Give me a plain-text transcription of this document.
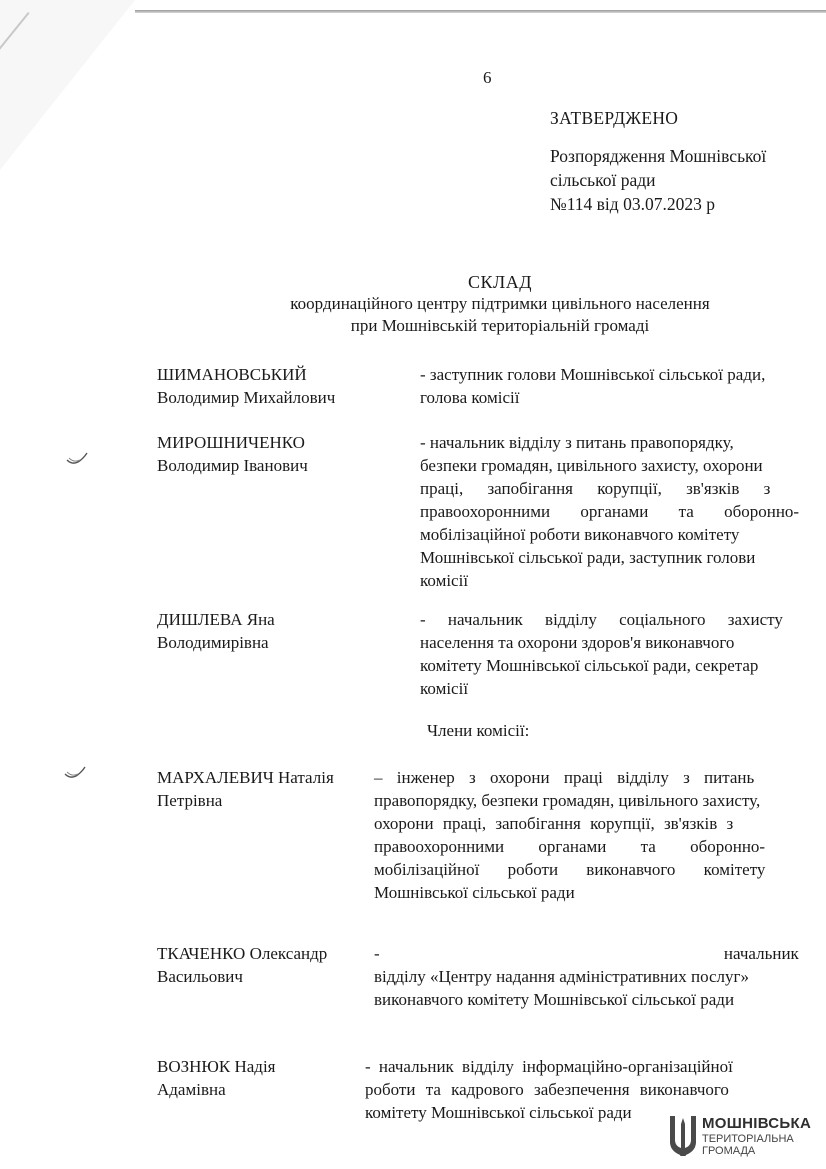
6
ЗАТВЕРДЖЕНО
Розпорядження Мошнівської
сільської ради
№114 від 03.07.2023 р
СКЛАД
координаційного центру підтримки цивільного населення
при Мошнівській територіальній громаді
ШИМАНОВСЬКИЙ
Володимир Михайлович
- заступник голови Мошнівської сільської ради,
голова комісії
МИРОШНИЧЕНКО
Володимир Іванович
- начальник відділу з питань правопорядку,
безпеки громадян, цивільного захисту, охорони
праці, запобігання корупції, зв'язків з
правоохоронними органами та оборонно-
мобілізаційної роботи виконавчого комітету
Мошнівської сільської ради, заступник голови
комісії
ДИШЛЕВА Яна
Володимирівна
- начальник відділу соціального захисту
населення та охорони здоров'я виконавчого
комітету Мошнівської сільської ради, секретар
комісії
Члени комісії:
МАРХАЛЕВИЧ Наталія
Петрівна
– інженер з охорони праці відділу з питань
правопорядку, безпеки громадян, цивільного захисту,
охорони праці, запобігання корупції, зв'язків з
правоохоронними органами та оборонно-
мобілізаційної роботи виконавчого комітету
Мошнівської сільської ради
ТКАЧЕНКО Олександр
Васильович
- начальник
відділу «Центру надання адміністративних послуг»
виконавчого комітету Мошнівської сільської ради
ВОЗНЮК Надія
Адамівна
- начальник відділу інформаційно-організаційної
роботи та кадрового забезпечення виконавчого
комітету Мошнівської сільської ради
МОШНІВСЬКА
ТЕРИТОРІАЛЬНА
ГРОМАДА
